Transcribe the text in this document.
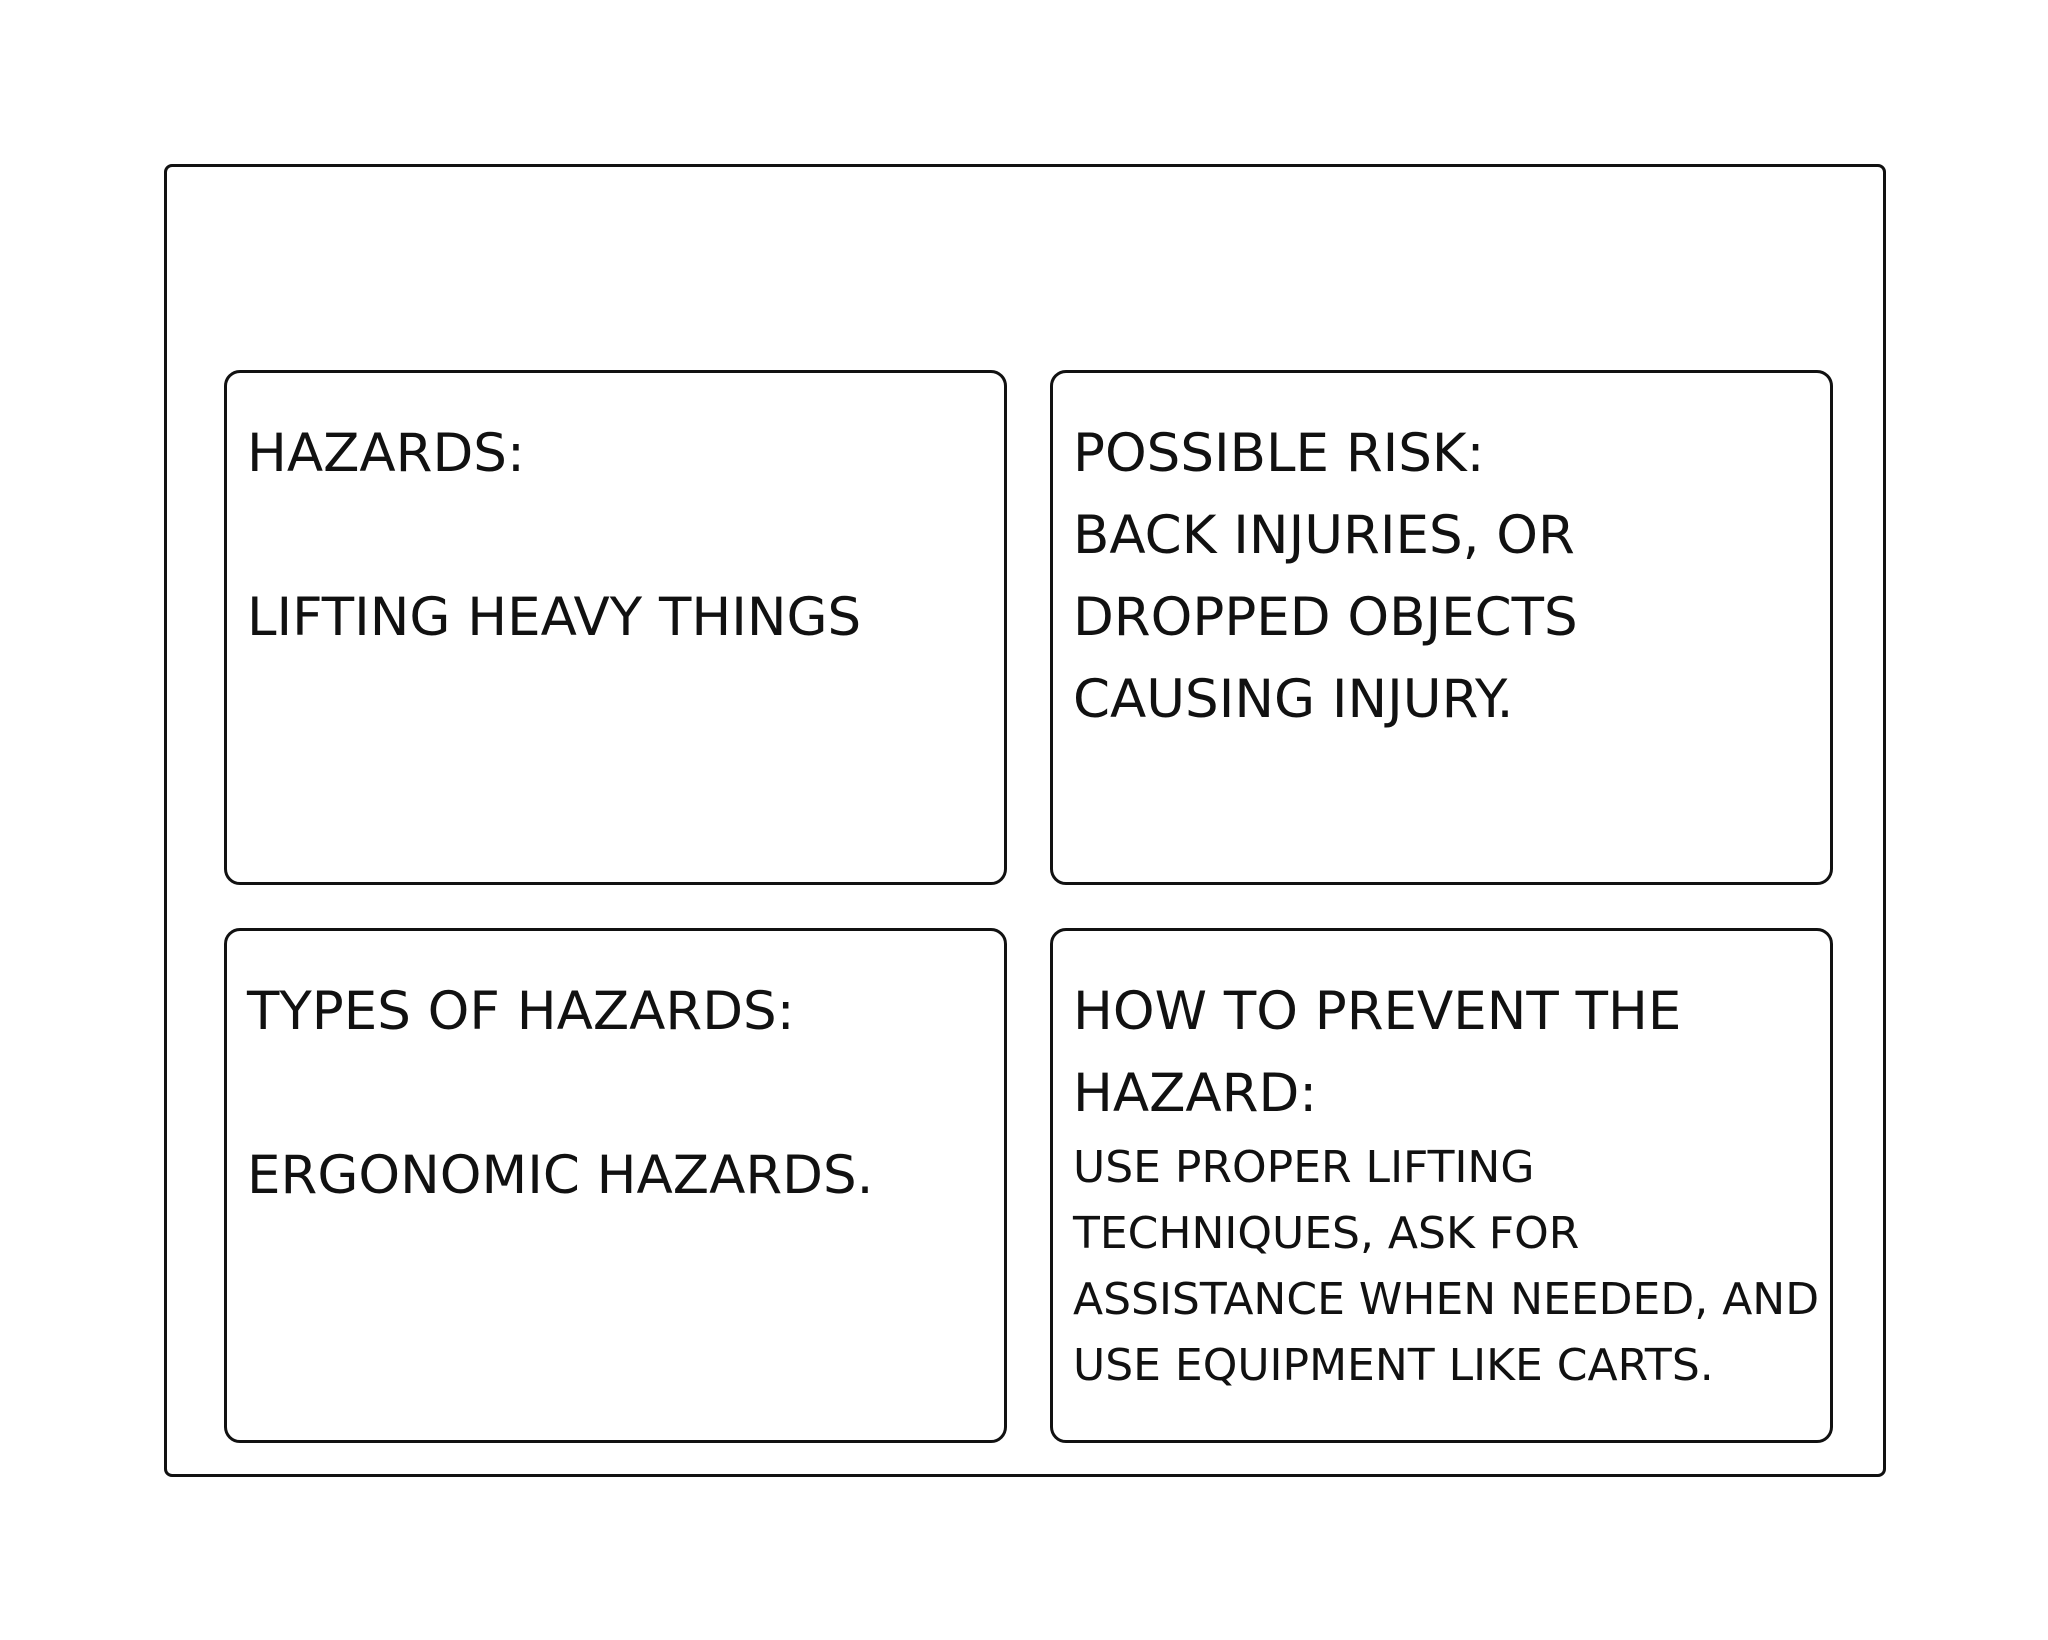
HAZARDS:
LIFTING HEAVY THINGS
POSSIBLE RISK:
BACK INJURIES, OR
DROPPED OBJECTS
CAUSING INJURY.
TYPES OF HAZARDS:
ERGONOMIC HAZARDS.
HOW TO PREVENT THE
HAZARD:
USE PROPER LIFTING
TECHNIQUES, ASK FOR
ASSISTANCE WHEN NEEDED, AND
USE EQUIPMENT LIKE CARTS.
